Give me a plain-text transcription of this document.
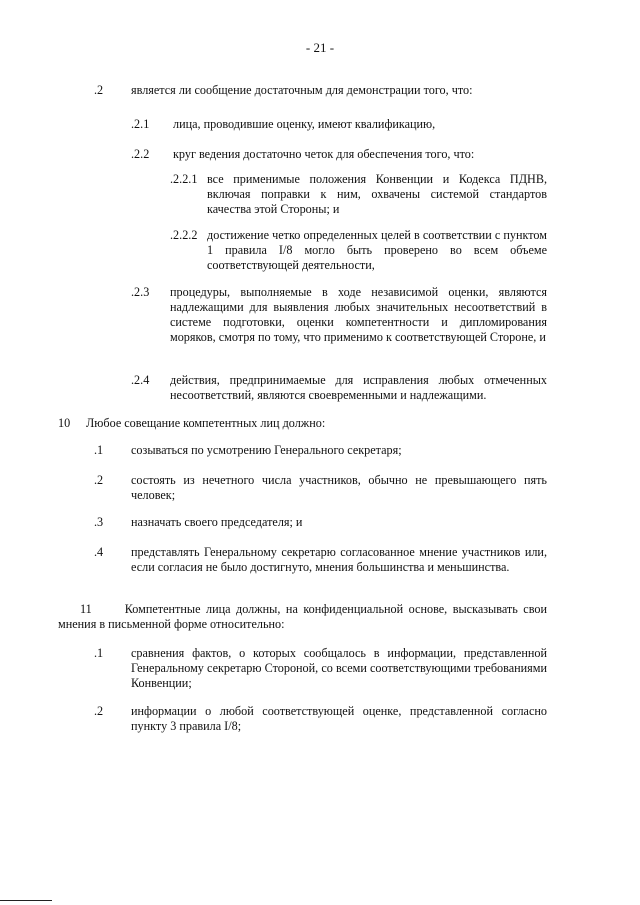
- 21 -
.2 является ли сообщение достаточным для демонстрации того, что:
.2.1 лица, проводившие оценку, имеют квалификацию,
.2.2 круг ведения достаточно четок для обеспечения того, что:
.2.2.1 все применимые положения Конвенции и Кодекса ПДНВ, включая поправки к ним, охвачены системой стандартов качества этой Стороны; и
.2.2.2 достижение четко определенных целей в соответствии с пунктом 1 правила I/8 могло быть проверено во всем объеме соответствующей деятельности,
.2.3 процедуры, выполняемые в ходе независимой оценки, являются надлежащими для выявления любых значительных несоответствий в системе подготовки, оценки компетентности и дипломирования моряков, смотря по тому, что применимо к соответствующей Стороне, и
.2.4 действия, предпринимаемые для исправления любых отмеченных несоответствий, являются своевременными и надлежащими.
10 Любое совещание компетентных лиц должно:
.1 созываться по усмотрению Генерального секретаря;
.2 состоять из нечетного числа участников, обычно не превышающего пять человек;
.3 назначать своего председателя; и
.4 представлять Генеральному секретарю согласованное мнение участников или, если согласия не было достигнуто, мнения большинства и меньшинства.
11      Компетентные лица должны, на конфиденциальной основе, высказывать свои мнения в письменной форме относительно:
.1 сравнения фактов, о которых сообщалось в информации, представленной Генеральному секретарю Стороной, со всеми соответствующими требованиями Конвенции;
.2 информации о любой соответствующей оценке, представленной согласно пункту 3 правила I/8;
